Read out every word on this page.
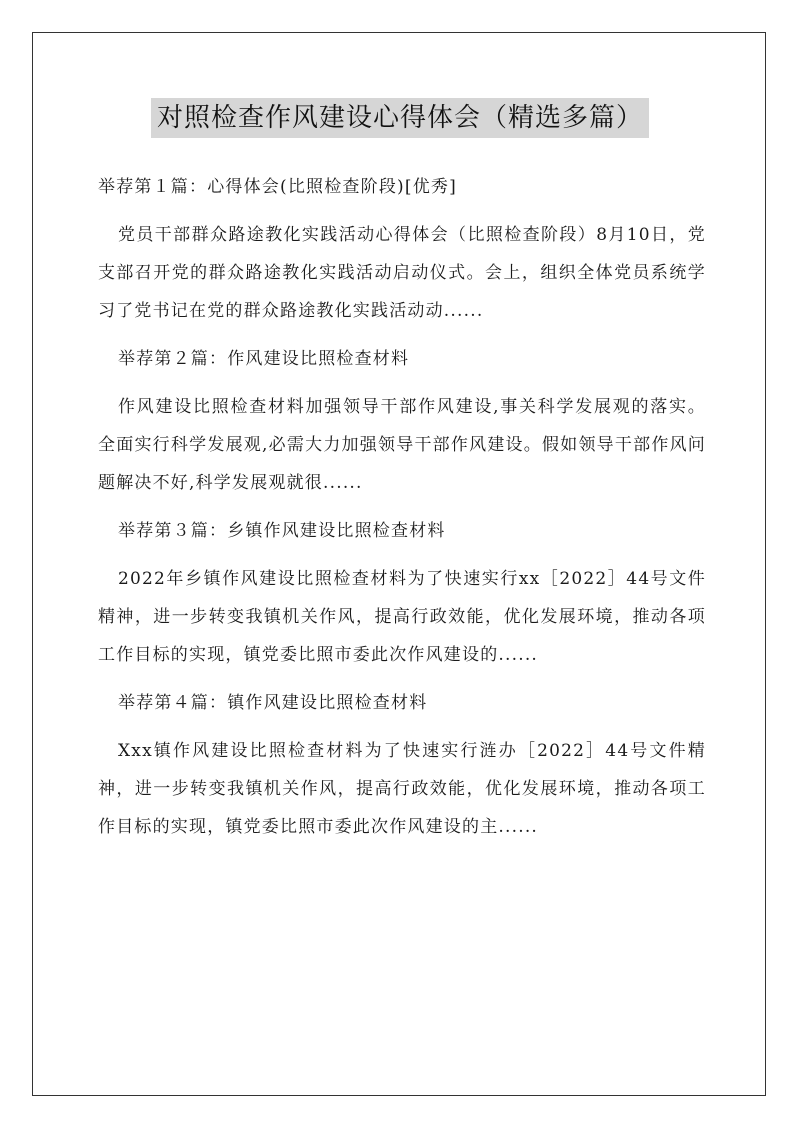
对照检查作风建设心得体会（精选多篇）

举荐第１篇：心得体会(比照检查阶段)[优秀]

党员干部群众路途教化实践活动心得体会（比照检查阶段）8月10日，党支部召开党的群众路途教化实践活动启动仪式。会上，组织全体党员系统学习了党书记在党的群众路途教化实践活动动......

举荐第２篇：作风建设比照检查材料

作风建设比照检查材料加强领导干部作风建设,事关科学发展观的落实。全面实行科学发展观,必需大力加强领导干部作风建设。假如领导干部作风问题解决不好,科学发展观就很......

举荐第３篇：乡镇作风建设比照检查材料

2022年乡镇作风建设比照检查材料为了快速实行xx［2022］44号文件精神，进一步转变我镇机关作风，提高行政效能，优化发展环境，推动各项工作目标的实现，镇党委比照市委此次作风建设的......

举荐第４篇：镇作风建设比照检查材料

Xxx镇作风建设比照检查材料为了快速实行涟办［2022］44号文件精神，进一步转变我镇机关作风，提高行政效能，优化发展环境，推动各项工作目标的实现，镇党委比照市委此次作风建设的主......
